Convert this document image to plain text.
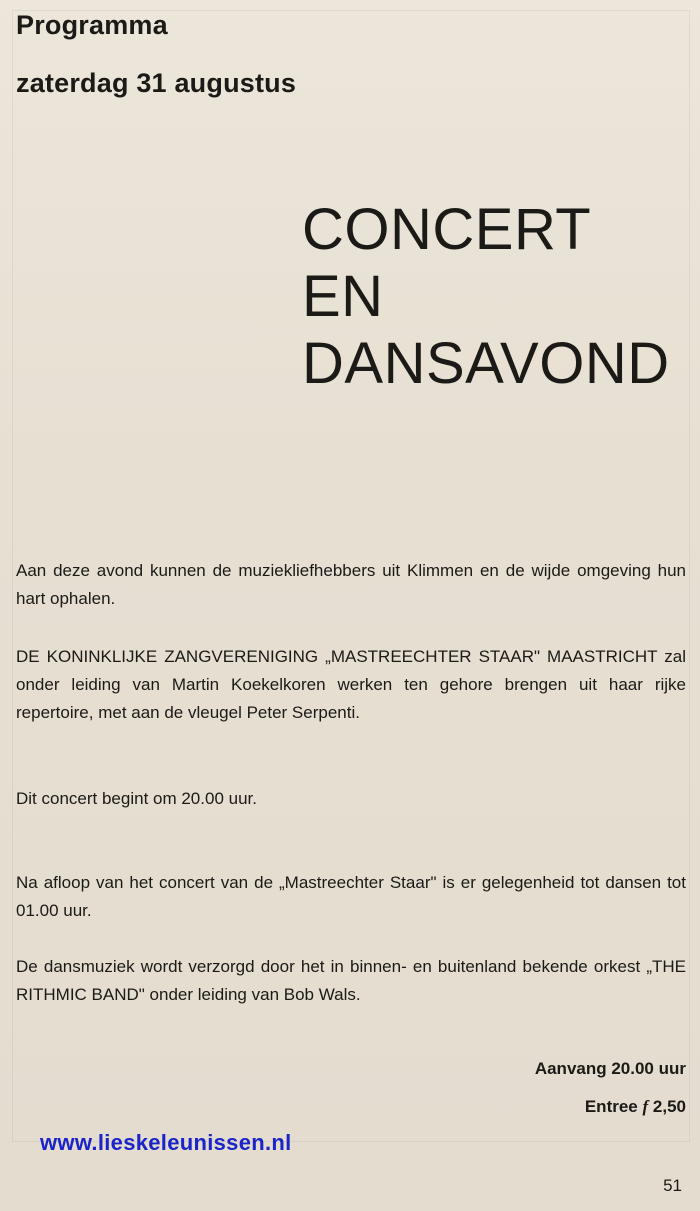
Programma
zaterdag 31 augustus
CONCERT
EN
DANSAVOND

Aan deze avond kunnen de muziekliefhebbers uit Klimmen en de wijde omgeving hun hart ophalen.

DE KONINKLIJKE ZANGVERENIGING „MASTREECHTER STAAR" MAASTRICHT zal onder leiding van Martin Koekelkoren werken ten gehore brengen uit haar rijke repertoire, met aan de vleugel Peter Serpenti.

Dit concert begint om 20.00 uur.

Na afloop van het concert van de „Mastreechter Staar" is er gelegenheid tot dansen tot 01.00 uur.

De dansmuziek wordt verzorgd door het in binnen- en buitenland bekende orkest „THE RITHMIC BAND" onder leiding van Bob Wals.

Aanvang 20.00 uur
Entree f 2,50
www.lieskeleunissen.nl
51
